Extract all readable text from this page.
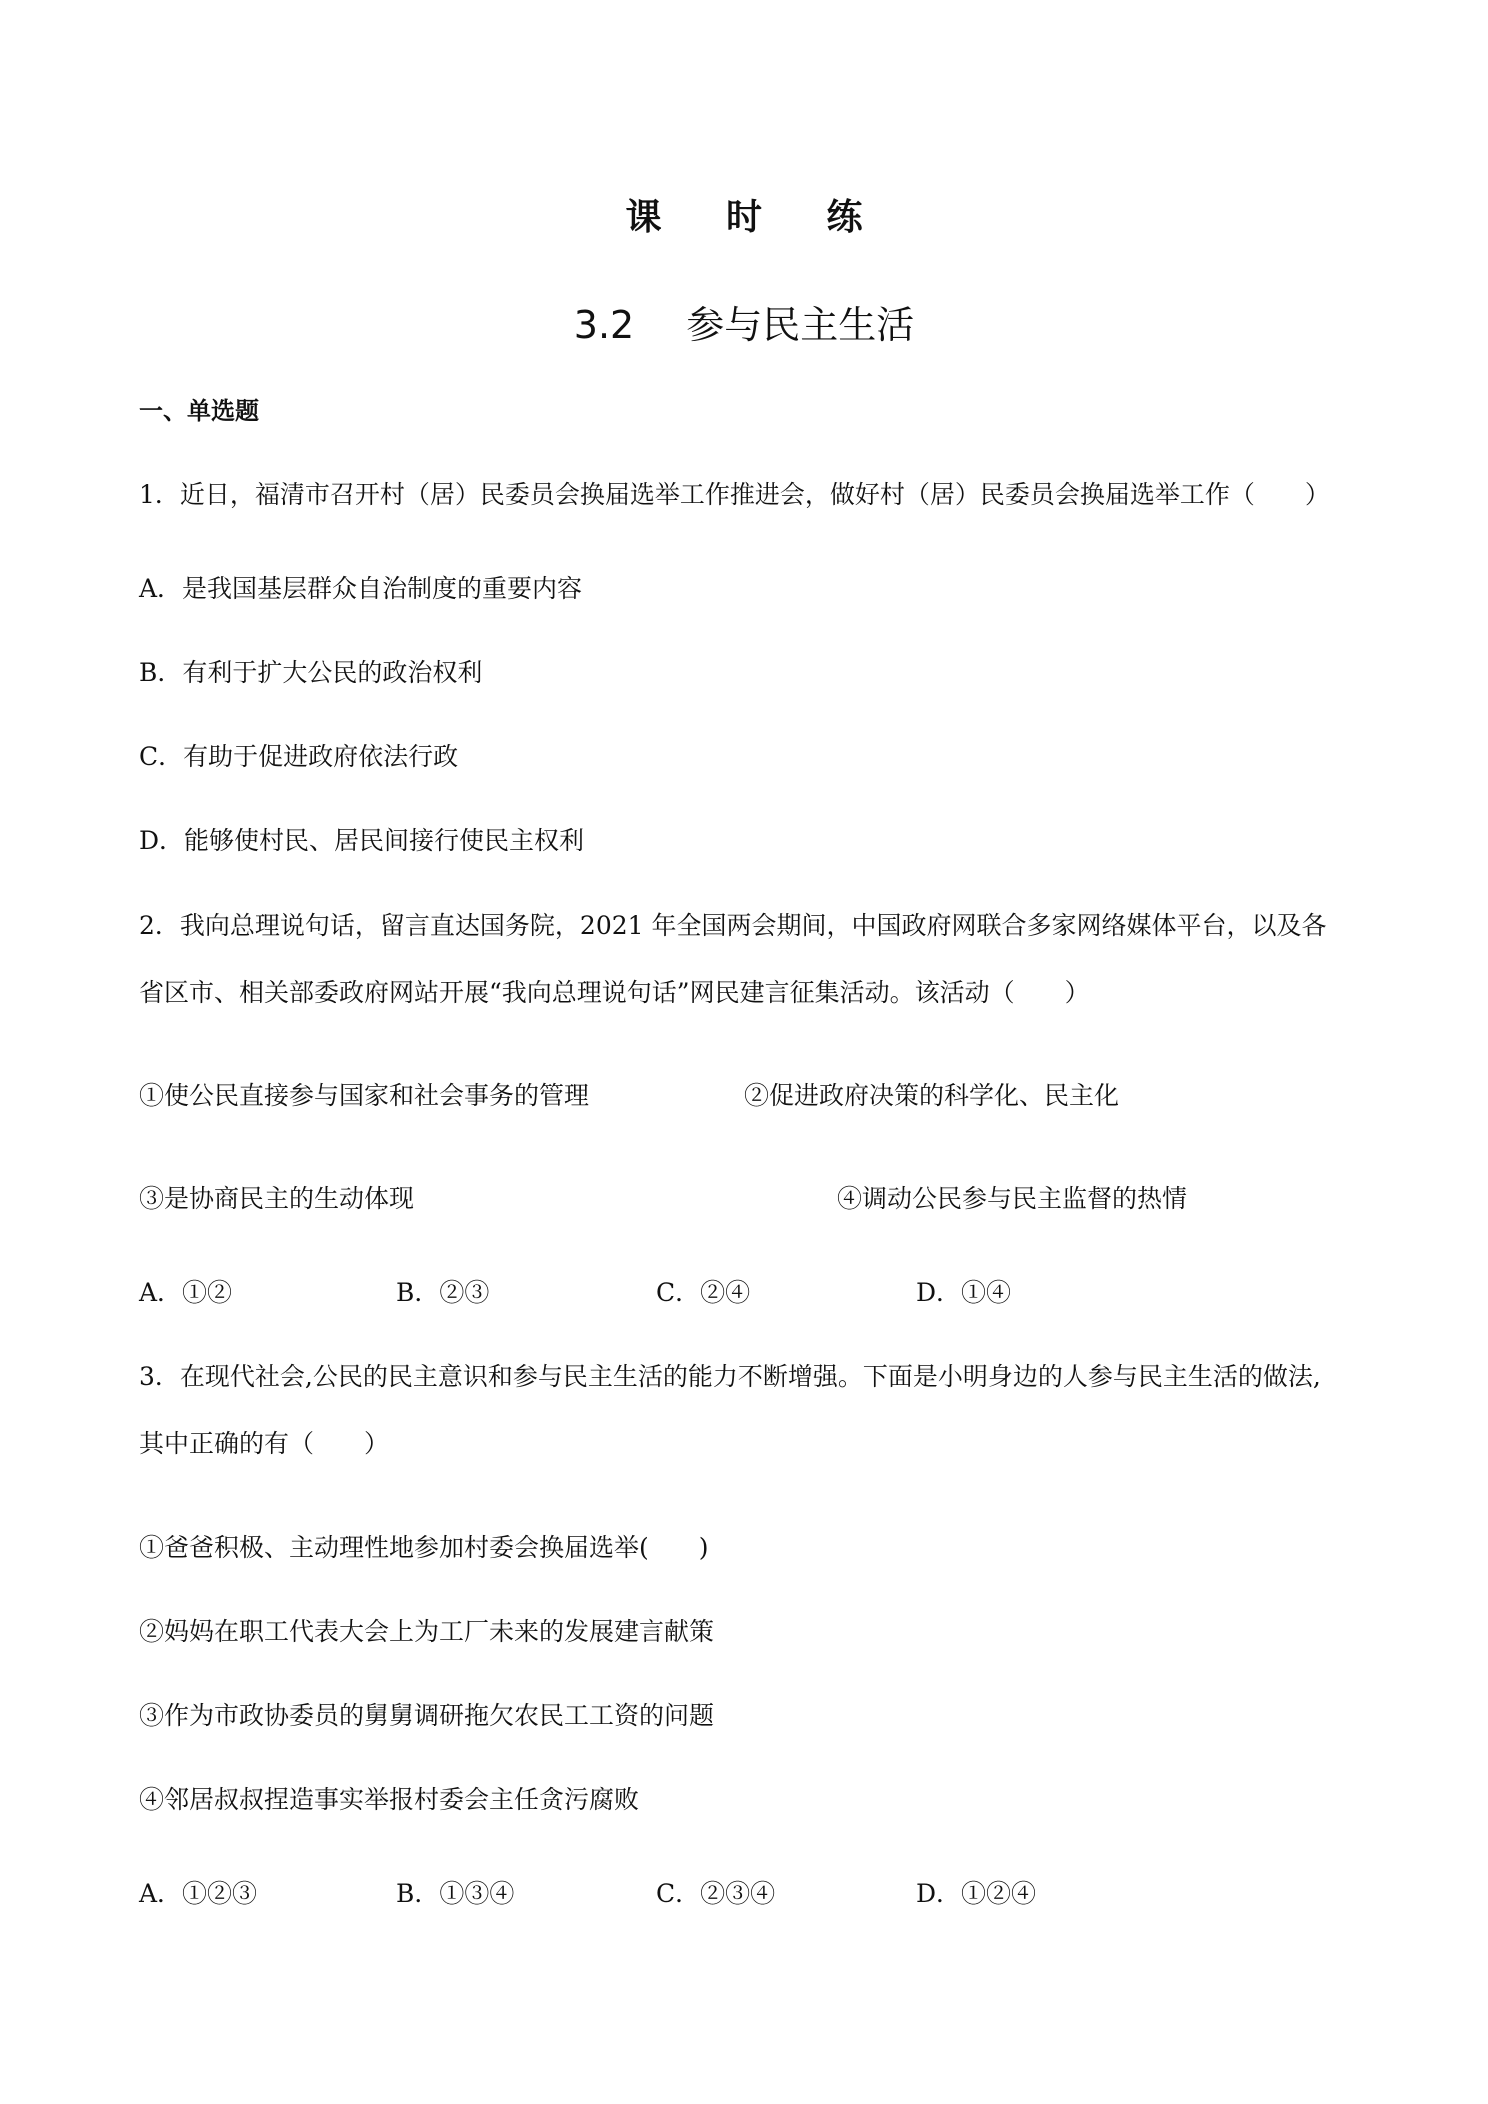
课 时 练
3.2 参与民主生活
一、单选题
1．近日，福清市召开村（居）民委员会换届选举工作推进会，做好村（居）民委员会换届选举工作（　　）
A．是我国基层群众自治制度的重要内容
B．有利于扩大公民的政治权利
C．有助于促进政府依法行政
D．能够使村民、居民间接行使民主权利
2．我向总理说句话，留言直达国务院，2021 年全国两会期间，中国政府网联合多家网络媒体平台，以及各
省区市、相关部委政府网站开展“我向总理说句话”网民建言征集活动。该活动（　　）
①使公民直接参与国家和社会事务的管理	②促进政府决策的科学化、民主化
③是协商民主的生动体现	④调动公民参与民主监督的热情
A．①②	B．②③	C．②④	D．①④
3．在现代社会,公民的民主意识和参与民主生活的能力不断增强。下面是小明身边的人参与民主生活的做法,
其中正确的有（　　）
①爸爸积极、主动理性地参加村委会换届选举(　　)
②妈妈在职工代表大会上为工厂未来的发展建言献策
③作为市政协委员的舅舅调研拖欠农民工工资的问题
④邻居叔叔捏造事实举报村委会主任贪污腐败
A．①②③	B．①③④	C．②③④	D．①②④
